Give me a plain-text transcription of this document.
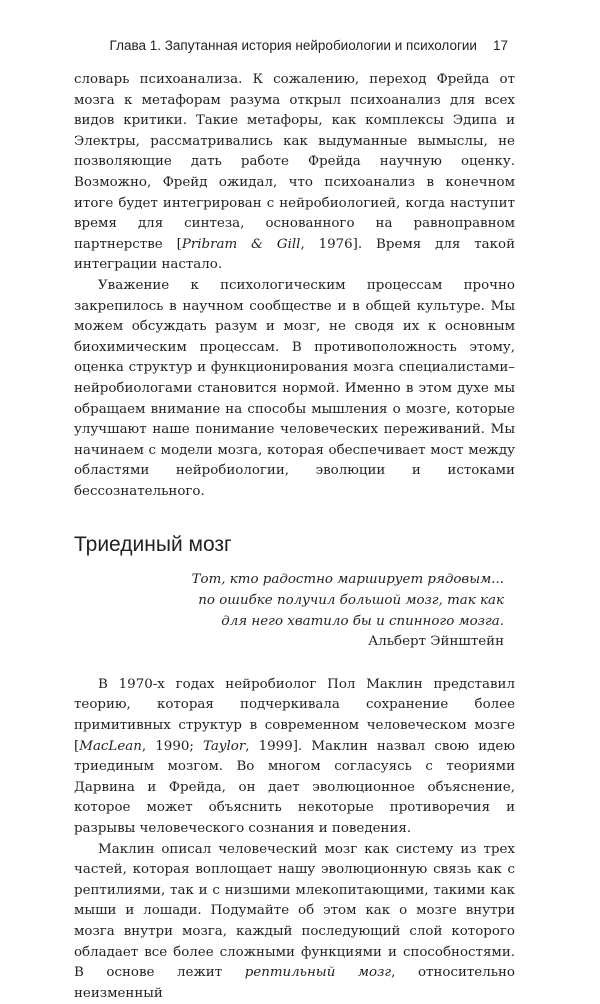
Глава 1. Запутанная история нейробиологии и психологии 17

словарь психоанализа. К сожалению, переход Фрейда от мозга к метафорам разума открыл психоанализ для всех видов критики. Такие метафоры, как комплексы Эдипа и Электры, рассматривались как выдуманные вымыслы, не позволяющие дать работе Фрейда научную оценку. Возможно, Фрейд ожидал, что психоанализ в конечном итоге будет интегрирован с нейробиологией, когда наступит время для синтеза, основанного на равноправном партнерстве [Pribram & Gill, 1976]. Время для такой интеграции настало.

Уважение к психологическим процессам прочно закрепилось в научном сообществе и в общей культуре. Мы можем обсуждать разум и мозг, не сводя их к основным биохимическим процессам. В противоположность этому, оценка структур и функционирования мозга специалистами–нейробиологами становится нормой. Именно в этом духе мы обращаем внимание на способы мышления о мозге, которые улучшают наше понимание человеческих переживаний. Мы начинаем с модели мозга, которая обеспечивает мост между областями нейробиологии, эволюции и истоками бессознательного.

Триединый мозг
Тот, кто радостно марширует рядовым...
по ошибке получил большой мозг, так как
для него хватило бы и спинного мозга.
Альберт Эйнштейн

В 1970-х годах нейробиолог Пол Маклин представил теорию, которая подчеркивала сохранение более примитивных структур в современном человеческом мозге [MacLean, 1990; Taylor, 1999]. Маклин назвал свою идею триединым мозгом. Во многом согласуясь с теориями Дарвина и Фрейда, он дает эволюционное объяснение, которое может объяснить некоторые противоречия и разрывы человеческого сознания и поведения.

Маклин описал человеческий мозг как систему из трех частей, которая воплощает нашу эволюционную связь как с рептилиями, так и с низшими млекопитающими, такими как мыши и лошади. Подумайте об этом как о мозге внутри мозга внутри мозга, каждый последующий слой которого обладает все более сложными функциями и способностями. В основе лежит рептильный мозг, относительно неизменный
